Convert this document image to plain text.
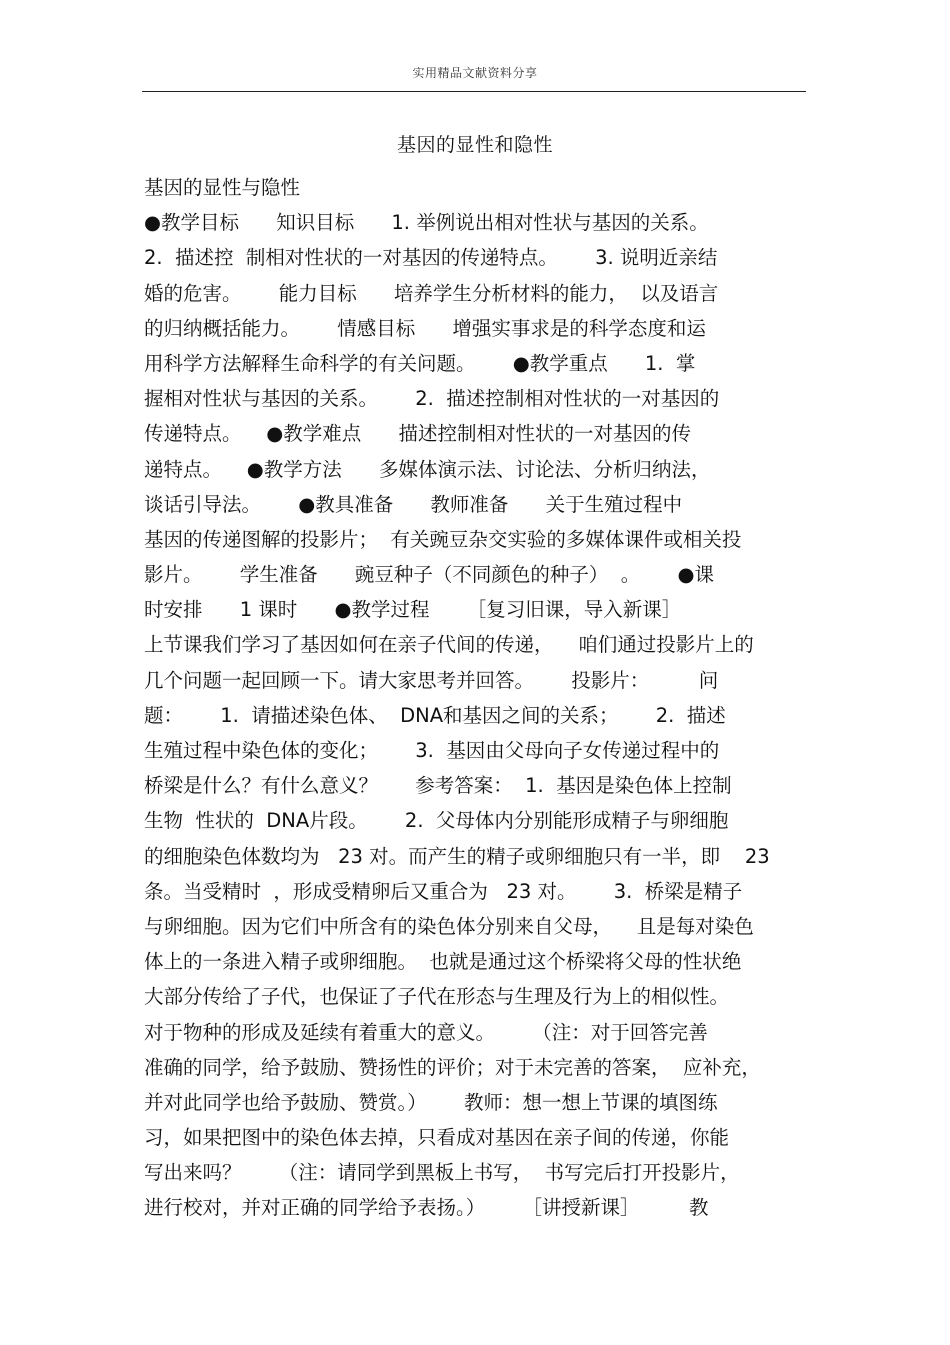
实用精品文献资料分享
基因的显性和隐性
基因的显性与隐性
●教学目标      知识目标      1. 举例说出相对性状与基因的关系。
2.  描述控  制相对性状的一对基因的传递特点。      3. 说明近亲结
婚的危害。      能力目标      培养学生分析材料的能力，  以及语言
的归纳概括能力。      情感目标      增强实事求是的科学态度和运
用科学方法解释生命科学的有关问题。      ●教学重点      1.  掌
握相对性状与基因的关系。      2.  描述控制相对性状的一对基因的
传递特点。    ●教学难点      描述控制相对性状的一对基因的传
递特点。    ●教学方法      多媒体演示法、讨论法、分析归纳法，
谈话引导法。      ●教具准备      教师准备      关于生殖过程中
基因的传递图解的投影片；  有关豌豆杂交实验的多媒体课件或相关投
影片。      学生准备      豌豆种子（不同颜色的种子）  。      ●课
时安排      1 课时      ●教学过程      ［复习旧课，导入新课］
上节课我们学习了基因如何在亲子代间的传递，    咱们通过投影片上的
几个问题一起回顾一下。请大家思考并回答。      投影片：        问
题：      1.  请描述染色体、  DNA和基因之间的关系；      2.  描述
生殖过程中染色体的变化；      3.  基因由父母向子女传递过程中的
桥梁是什么？有什么意义？      参考答案：  1.  基因是染色体上控制
生物  性状的  DNA片段。      2.  父母体内分别能形成精子与卵细胞
的细胞染色体数均为   23 对。而产生的精子或卵细胞只有一半，即    23
条。当受精时  ，形成受精卵后又重合为   23 对。      3.  桥梁是精子
与卵细胞。因为它们中所含有的染色体分别来自父母，    且是每对染色
体上的一条进入精子或卵细胞。  也就是通过这个桥梁将父母的性状绝
大部分传给了子代，也保证了子代在形态与生理及行为上的相似性。
对于物种的形成及延续有着重大的意义。      （注：对于回答完善
准确的同学，给予鼓励、赞扬性的评价；对于未完善的答案，  应补充，
并对此同学也给予鼓励、赞赏。）      教师：想一想上节课的填图练
习，如果把图中的染色体去掉，只看成对基因在亲子间的传递，你能
写出来吗？      （注：请同学到黑板上书写，  书写完后打开投影片，
进行校对，并对正确的同学给予表扬。）      ［讲授新课］        教
